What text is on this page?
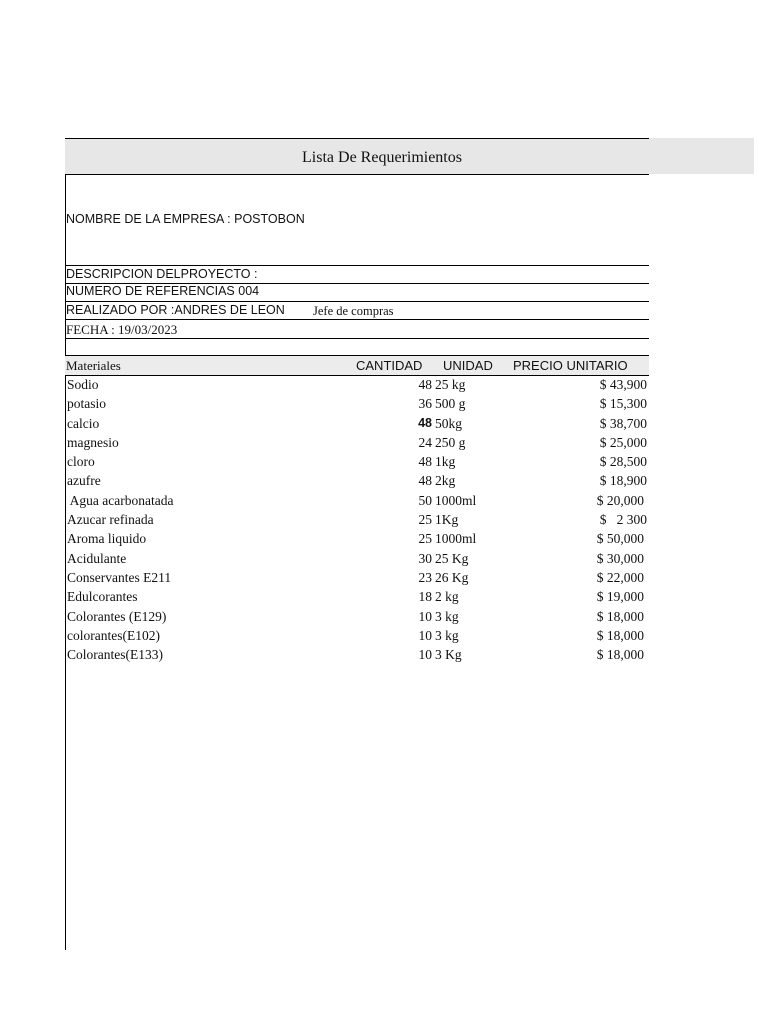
Lista De Requerimientos
NOMBRE DE LA EMPRESA : POSTOBON
DESCRIPCION DELPROYECTO :
NUMERO DE REFERENCIAS 004
REALIZADO POR :ANDRES DE LEON Jefe de compras
FECHA : 19/03/2023
Materiales	CANTIDAD UNIDAD PRECIO UNITARIO
Sodio	48 25 kg	$ 43,900
potasio	36 500 g	$ 15,300
calcio	48 50kg	$ 38,700
magnesio	24 250 g	$ 25,000
cloro	48 1kg	$ 28,500
azufre	48 2kg	$ 18,900
Agua acarbonatada	50 1000ml	$ 20,000
Azucar refinada	25 1Kg	$   2 300
Aroma liquido	25 1000ml	$ 50,000
Acidulante	30 25 Kg	$ 30,000
Conservantes E211	23 26 Kg	$ 22,000
Edulcorantes	18 2 kg	$ 19,000
Colorantes (E129)	10 3 kg	$ 18,000
colorantes(E102)	10 3 kg	$ 18,000
Colorantes(E133)	10 3 Kg	$ 18,000
